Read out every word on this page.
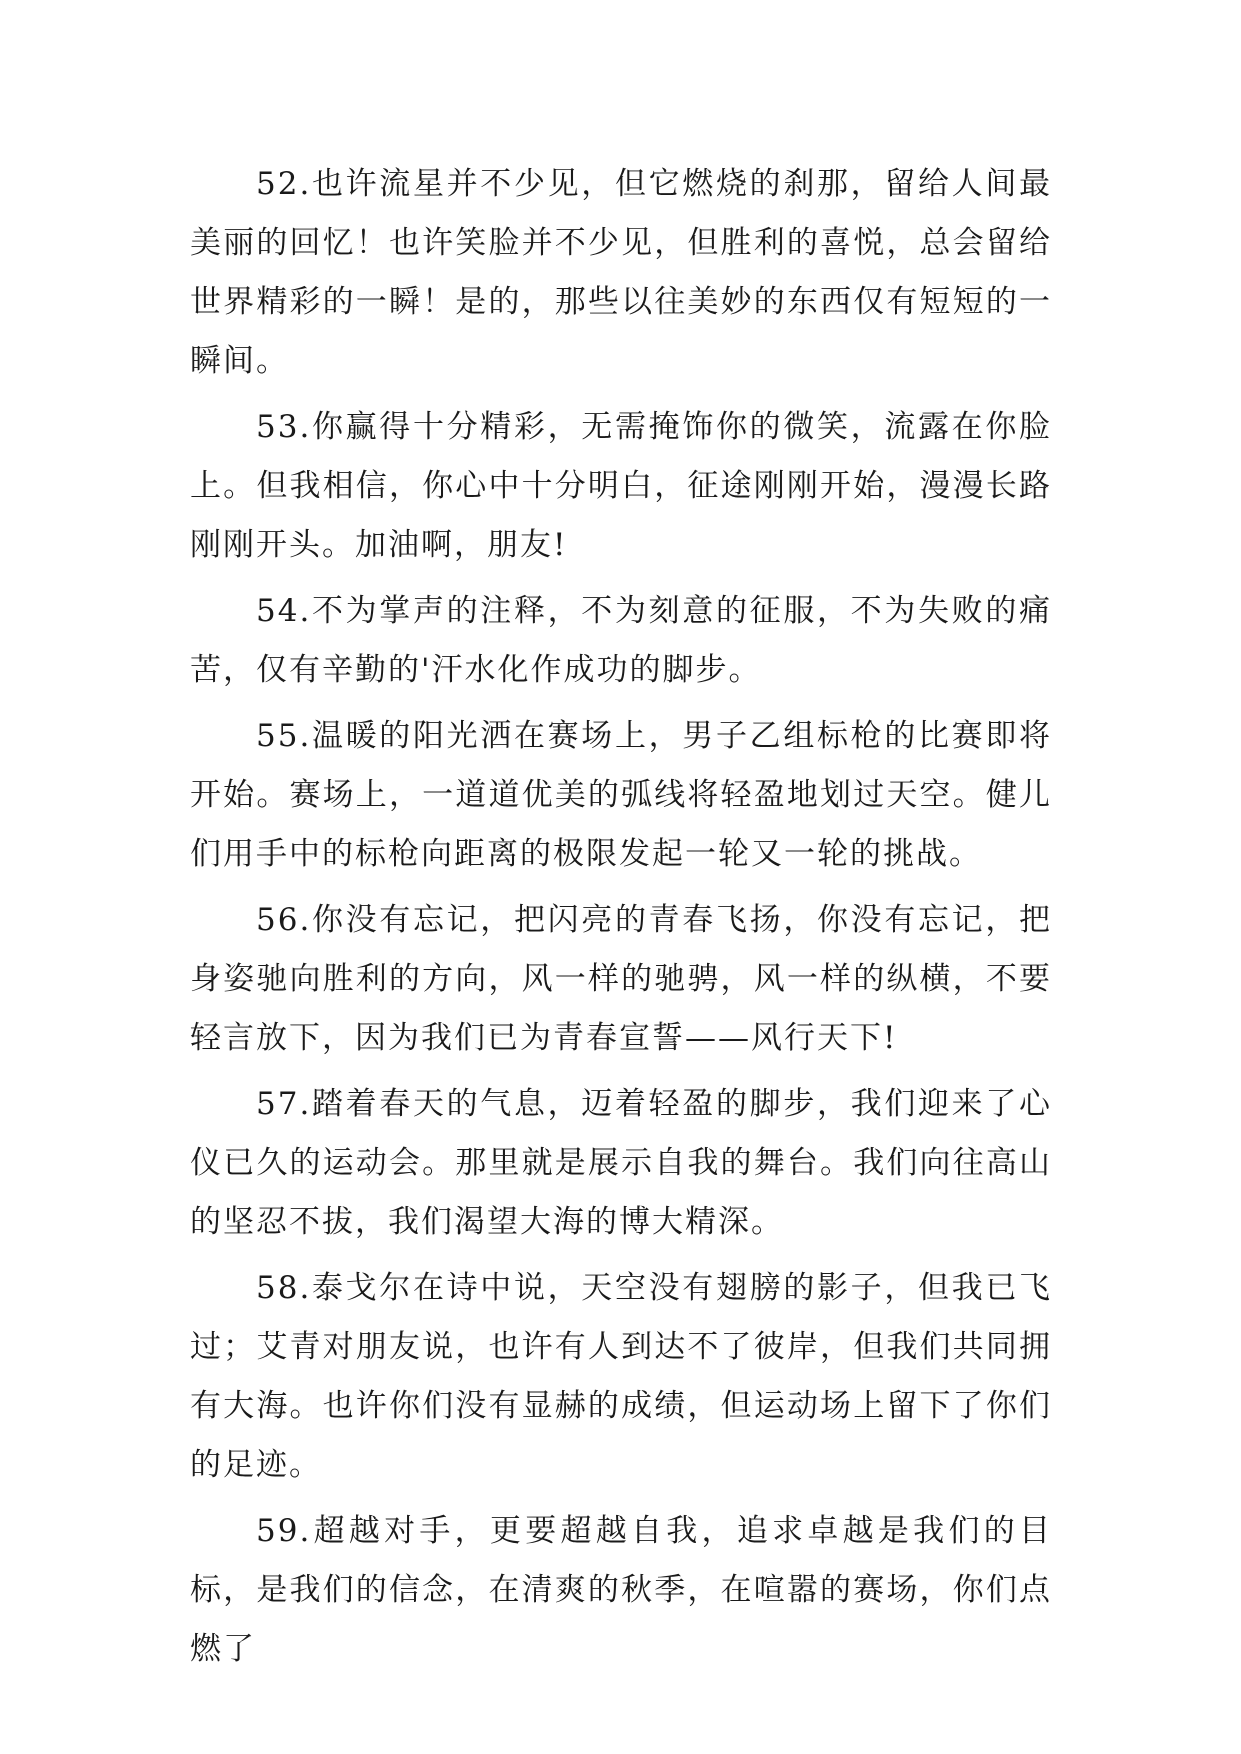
52.也许流星并不少见，但它燃烧的刹那，留给人间最美丽的回忆！也许笑脸并不少见，但胜利的喜悦，总会留给世界精彩的一瞬！是的，那些以往美妙的东西仅有短短的一瞬间。

53.你赢得十分精彩，无需掩饰你的微笑，流露在你脸上。但我相信，你心中十分明白，征途刚刚开始，漫漫长路刚刚开头。加油啊，朋友!

54.不为掌声的注释，不为刻意的征服，不为失败的痛苦，仅有辛勤的'汗水化作成功的脚步。

55.温暖的阳光洒在赛场上，男子乙组标枪的比赛即将开始。赛场上，一道道优美的弧线将轻盈地划过天空。健儿们用手中的标枪向距离的极限发起一轮又一轮的挑战。

56.你没有忘记，把闪亮的青春飞扬，你没有忘记，把身姿驰向胜利的方向，风一样的驰骋，风一样的纵横，不要轻言放下，因为我们已为青春宣誓——风行天下!

57.踏着春天的气息，迈着轻盈的脚步，我们迎来了心仪已久的运动会。那里就是展示自我的舞台。我们向往高山的坚忍不拔，我们渴望大海的博大精深。

58.泰戈尔在诗中说，天空没有翅膀的影子，但我已飞过；艾青对朋友说，也许有人到达不了彼岸，但我们共同拥有大海。也许你们没有显赫的成绩，但运动场上留下了你们的足迹。

59.超越对手，更要超越自我，追求卓越是我们的目标，是我们的信念，在清爽的秋季，在喧嚣的赛场，你们点燃了
